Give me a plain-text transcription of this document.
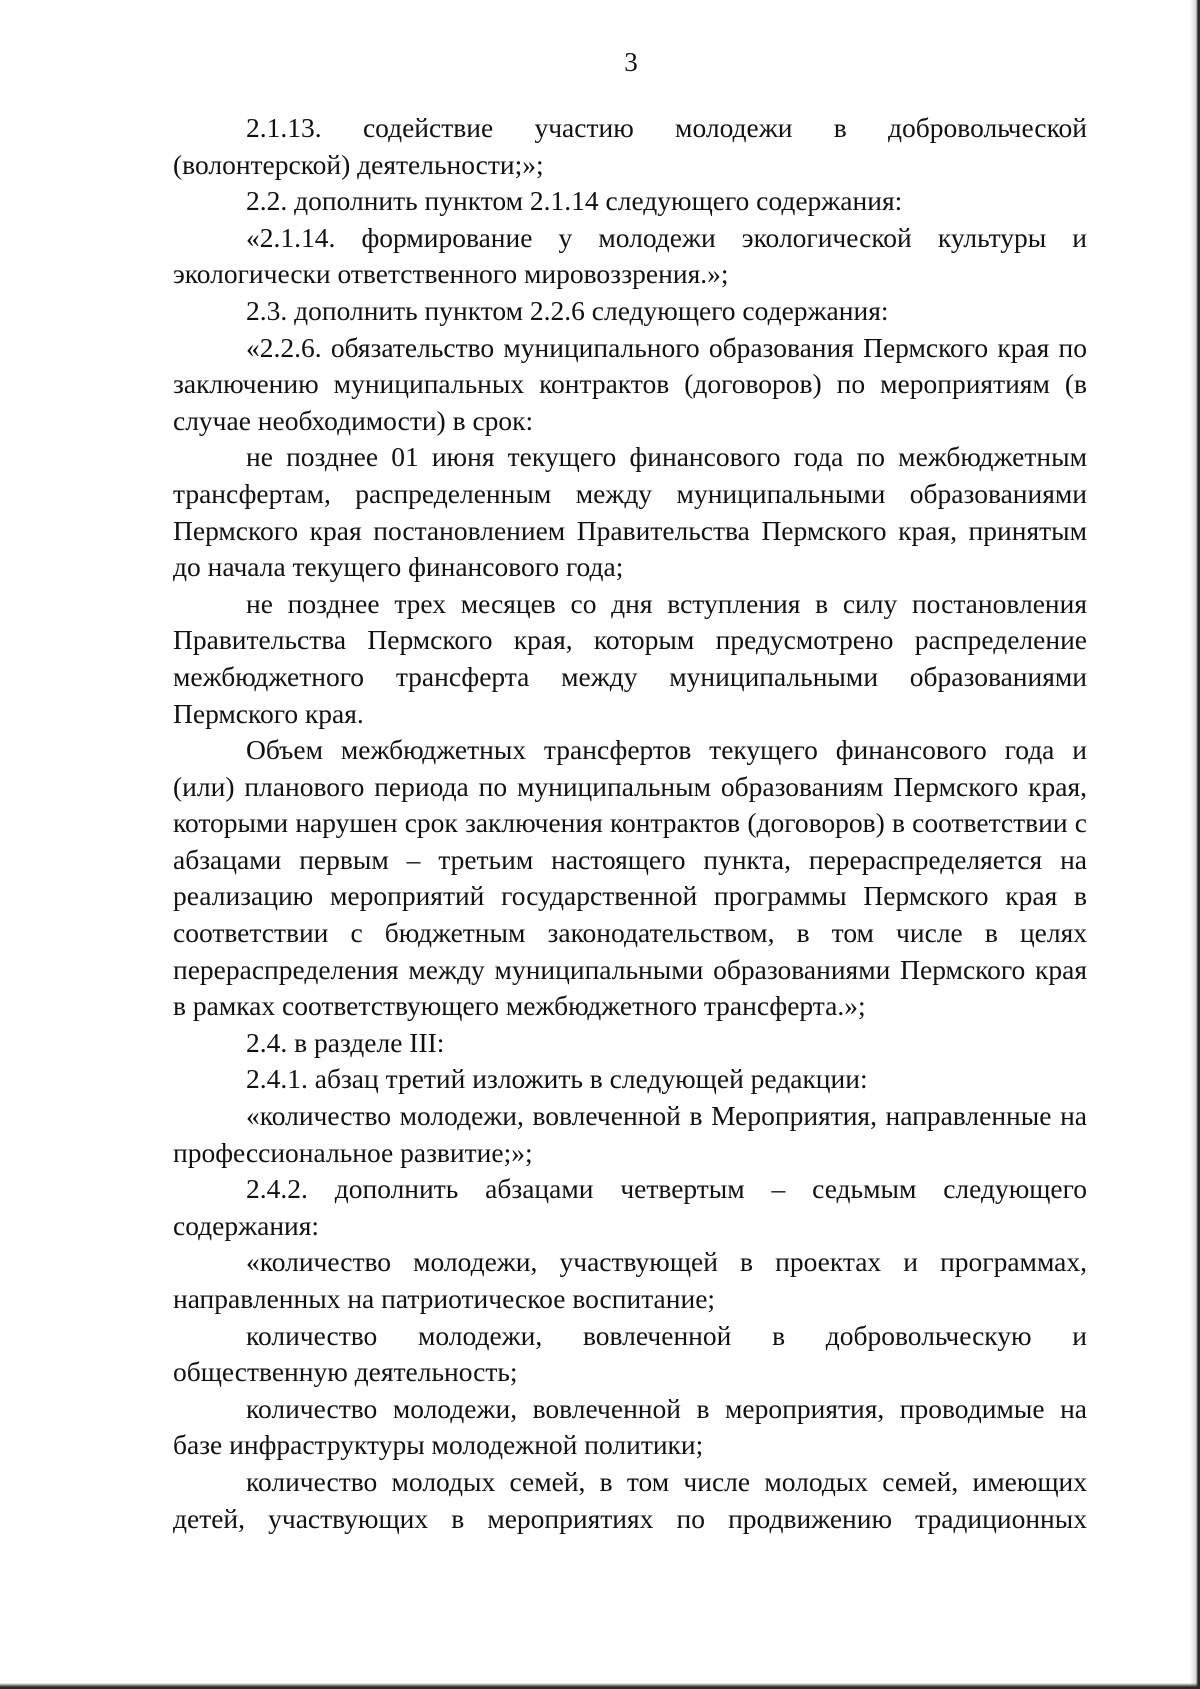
3

2.1.13. содействие участию молодежи в добровольческой (волонтерской) деятельности;»;

2.2. дополнить пунктом 2.1.14 следующего содержания:

«2.1.14. формирование у молодежи экологической культуры и экологически ответственного мировоззрения.»;

2.3. дополнить пунктом 2.2.6 следующего содержания:

«2.2.6. обязательство муниципального образования Пермского края по заключению муниципальных контрактов (договоров) по мероприятиям (в случае необходимости) в срок:

не позднее 01 июня текущего финансового года по межбюджетным трансфертам, распределенным между муниципальными образованиями Пермского края постановлением Правительства Пермского края, принятым до начала текущего финансового года;

не позднее трех месяцев со дня вступления в силу постановления Правительства Пермского края, которым предусмотрено распределение межбюджетного трансферта между муниципальными образованиями Пермского края.

Объем межбюджетных трансфертов текущего финансового года и (или) планового периода по муниципальным образованиям Пермского края, которыми нарушен срок заключения контрактов (договоров) в соответствии с абзацами первым – третьим настоящего пункта, перераспределяется на реализацию мероприятий государственной программы Пермского края в соответствии с бюджетным законодательством, в том числе в целях перераспределения между муниципальными образованиями Пермского края в рамках соответствующего межбюджетного трансферта.»;

2.4. в разделе III:

2.4.1. абзац третий изложить в следующей редакции:

«количество молодежи, вовлеченной в Мероприятия, направленные на профессиональное развитие;»;

2.4.2. дополнить абзацами четвертым – седьмым следующего содержания:

«количество молодежи, участвующей в проектах и программах, направленных на патриотическое воспитание;

количество молодежи, вовлеченной в добровольческую и общественную деятельность;

количество молодежи, вовлеченной в мероприятия, проводимые на базе инфраструктуры молодежной политики;

количество молодых семей, в том числе молодых семей, имеющих детей, участвующих в мероприятиях по продвижению традиционных
